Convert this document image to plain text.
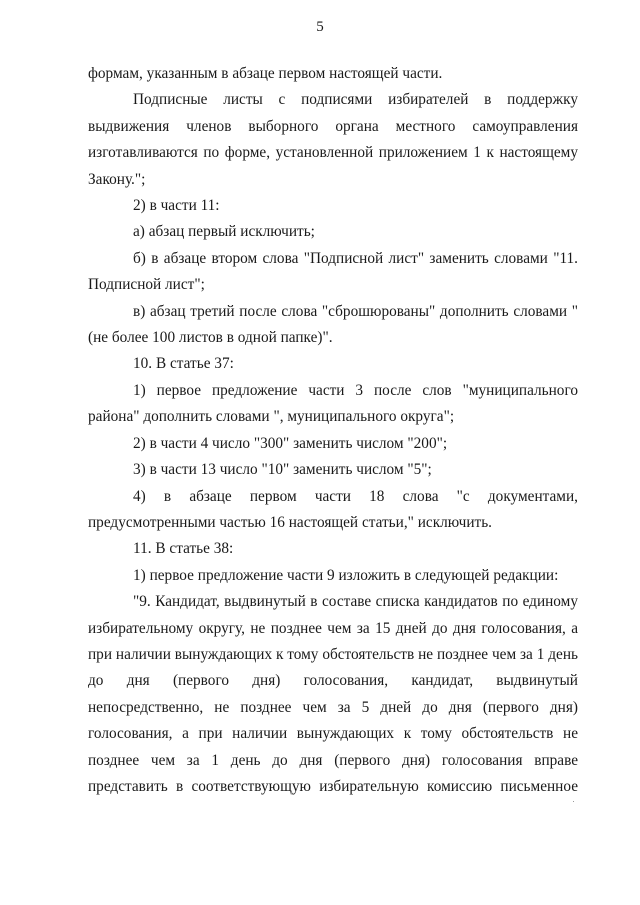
5

формам, указанным в абзаце первом настоящей части.

Подписные листы с подписями избирателей в поддержку выдвижения членов выборного органа местного самоуправления изготавливаются по форме, установленной приложением 1 к настоящему Закону.";

2) в части 11:

а) абзац первый исключить;

б) в абзаце втором слова "Подписной лист" заменить словами "11. Подписной лист";

в) абзац третий после слова "сброшюрованы" дополнить словами "(не более 100 листов в одной папке)".

10. В статье 37:

1) первое предложение части 3 после слов "муниципального района" дополнить словами ", муниципального округа";

2) в части 4 число "300" заменить числом "200";

3) в части 13 число "10" заменить числом "5";

4) в абзаце первом части 18 слова "с документами, предусмотренными частью 16 настоящей статьи," исключить.

11. В статье 38:

1) первое предложение части 9 изложить в следующей редакции:

"9. Кандидат, выдвинутый в составе списка кандидатов по единому избирательному округу, не позднее чем за 15 дней до дня голосования, а при наличии вынуждающих к тому обстоятельств не позднее чем за 1 день до дня (первого дня) голосования, кандидат, выдвинутый непосредственно, не позднее чем за 5 дней до дня (первого дня) голосования, а при наличии вынуждающих к тому обстоятельств не позднее чем за 1 день до дня (первого дня) голосования вправе представить в соответствующую избирательную комиссию письменное
